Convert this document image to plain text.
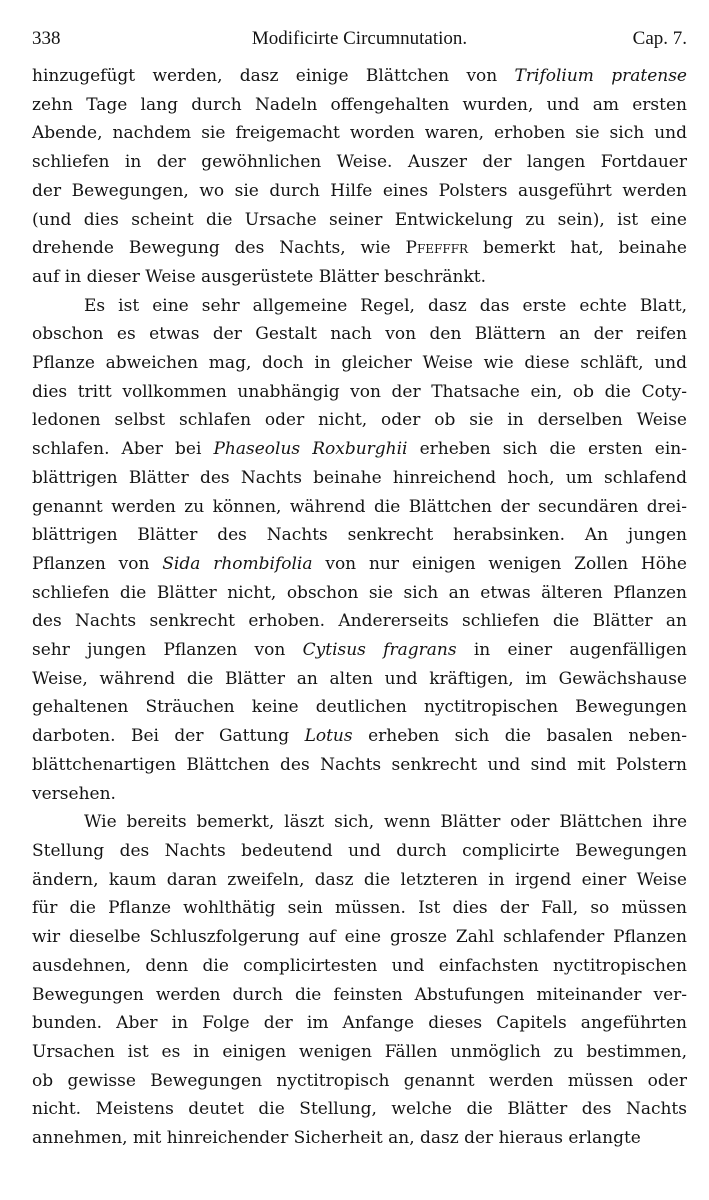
338	Modificirte Circumnutation.	Cap. 7.
hinzugefügt werden, dasz einige Blättchen von Trifolium pratense
zehn Tage lang durch Nadeln offengehalten wurden, und am ersten
Abende, nachdem sie freigemacht worden waren, erhoben sie sich und
schliefen in der gewöhnlichen Weise. Auszer der langen Fortdauer
der Bewegungen, wo sie durch Hilfe eines Polsters ausgeführt werden
(und dies scheint die Ursache seiner Entwickelung zu sein), ist eine
drehende Bewegung des Nachts, wie Pfefffr bemerkt hat, beinahe
auf in dieser Weise ausgerüstete Blätter beschränkt.
Es ist eine sehr allgemeine Regel, dasz das erste echte Blatt,
obschon es etwas der Gestalt nach von den Blättern an der reifen
Pflanze abweichen mag, doch in gleicher Weise wie diese schläft, und
dies tritt vollkommen unabhängig von der Thatsache ein, ob die Coty-
ledonen selbst schlafen oder nicht, oder ob sie in derselben Weise
schlafen. Aber bei Phaseolus Roxburghii erheben sich die ersten ein-
blättrigen Blätter des Nachts beinahe hinreichend hoch, um schlafend
genannt werden zu können, während die Blättchen der secundären drei-
blättrigen Blätter des Nachts senkrecht herabsinken. An jungen
Pflanzen von Sida rhombifolia von nur einigen wenigen Zollen Höhe
schliefen die Blätter nicht, obschon sie sich an etwas älteren Pflanzen
des Nachts senkrecht erhoben. Andererseits schliefen die Blätter an
sehr jungen Pflanzen von Cytisus fragrans in einer augenfälligen
Weise, während die Blätter an alten und kräftigen, im Gewächshause
gehaltenen Sträuchen keine deutlichen nyctitropischen Bewegungen
darboten. Bei der Gattung Lotus erheben sich die basalen neben-
blättchenartigen Blättchen des Nachts senkrecht und sind mit Polstern
versehen.
Wie bereits bemerkt, läszt sich, wenn Blätter oder Blättchen ihre
Stellung des Nachts bedeutend und durch complicirte Bewegungen
ändern, kaum daran zweifeln, dasz die letzteren in irgend einer Weise
für die Pflanze wohlthätig sein müssen. Ist dies der Fall, so müssen
wir dieselbe Schluszfolgerung auf eine grosze Zahl schlafender Pflanzen
ausdehnen, denn die complicirtesten und einfachsten nyctitropischen
Bewegungen werden durch die feinsten Abstufungen miteinander ver-
bunden. Aber in Folge der im Anfange dieses Capitels angeführten
Ursachen ist es in einigen wenigen Fällen unmöglich zu bestimmen,
ob gewisse Bewegungen nyctitropisch genannt werden müssen oder
nicht. Meistens deutet die Stellung, welche die Blätter des Nachts
annehmen, mit hinreichender Sicherheit an, dasz der hieraus erlangte
